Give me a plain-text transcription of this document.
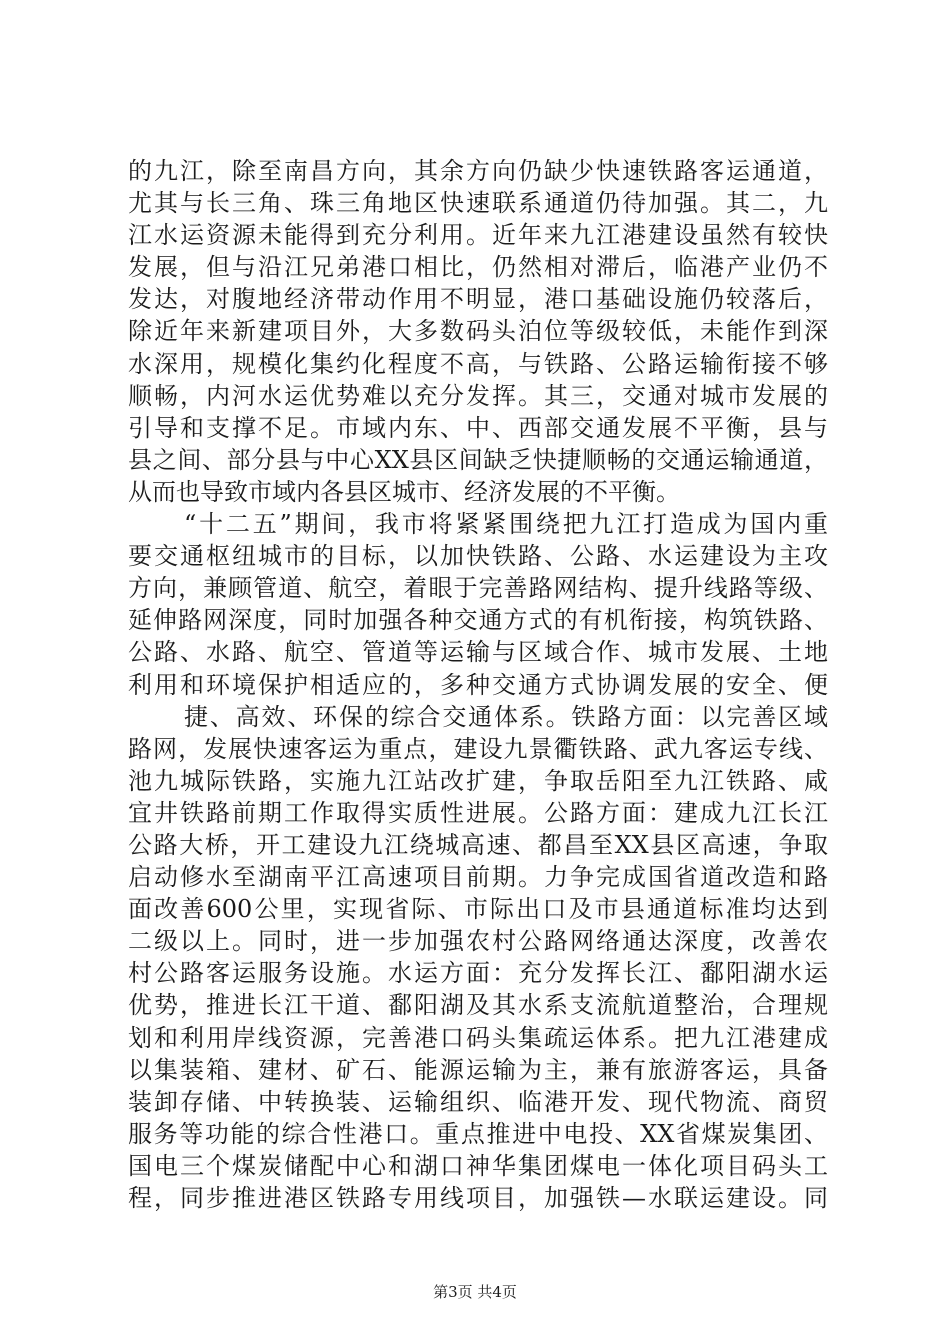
的九江，除至南昌方向，其余方向仍缺少快速铁路客运通道，
尤其与长三角、珠三角地区快速联系通道仍待加强。其二，九
江水运资源未能得到充分利用。近年来九江港建设虽然有较快
发展，但与沿江兄弟港口相比，仍然相对滞后，临港产业仍不
发达，对腹地经济带动作用不明显，港口基础设施仍较落后，
除近年来新建项目外，大多数码头泊位等级较低，未能作到深
水深用，规模化集约化程度不高，与铁路、公路运输衔接不够
顺畅，内河水运优势难以充分发挥。其三，交通对城市发展的
引导和支撑不足。市域内东、中、西部交通发展不平衡，县与
县之间、部分县与中心XX县区间缺乏快捷顺畅的交通运输通道，
从而也导致市域内各县区城市、经济发展的不平衡。
“十二五”期间，我市将紧紧围绕把九江打造成为国内重
要交通枢纽城市的目标，以加快铁路、公路、水运建设为主攻
方向，兼顾管道、航空，着眼于完善路网结构、提升线路等级、
延伸路网深度，同时加强各种交通方式的有机衔接，构筑铁路、
公路、水路、航空、管道等运输与区域合作、城市发展、土地
利用和环境保护相适应的，多种交通方式协调发展的安全、便
捷、高效、环保的综合交通体系。铁路方面：以完善区域
路网，发展快速客运为重点，建设九景衢铁路、武九客运专线、
池九城际铁路，实施九江站改扩建，争取岳阳至九江铁路、咸
宜井铁路前期工作取得实质性进展。公路方面：建成九江长江
公路大桥，开工建设九江绕城高速、都昌至XX县区高速，争取
启动修水至湖南平江高速项目前期。力争完成国省道改造和路
面改善600公里，实现省际、市际出口及市县通道标准均达到
二级以上。同时，进一步加强农村公路网络通达深度，改善农
村公路客运服务设施。水运方面：充分发挥长江、鄱阳湖水运
优势，推进长江干道、鄱阳湖及其水系支流航道整治，合理规
划和利用岸线资源，完善港口码头集疏运体系。把九江港建成
以集装箱、建材、矿石、能源运输为主，兼有旅游客运，具备
装卸存储、中转换装、运输组织、临港开发、现代物流、商贸
服务等功能的综合性港口。重点推进中电投、XX省煤炭集团、
国电三个煤炭储配中心和湖口神华集团煤电一体化项目码头工
程，同步推进港区铁路专用线项目，加强铁—水联运建设。同
第3页 共4页
